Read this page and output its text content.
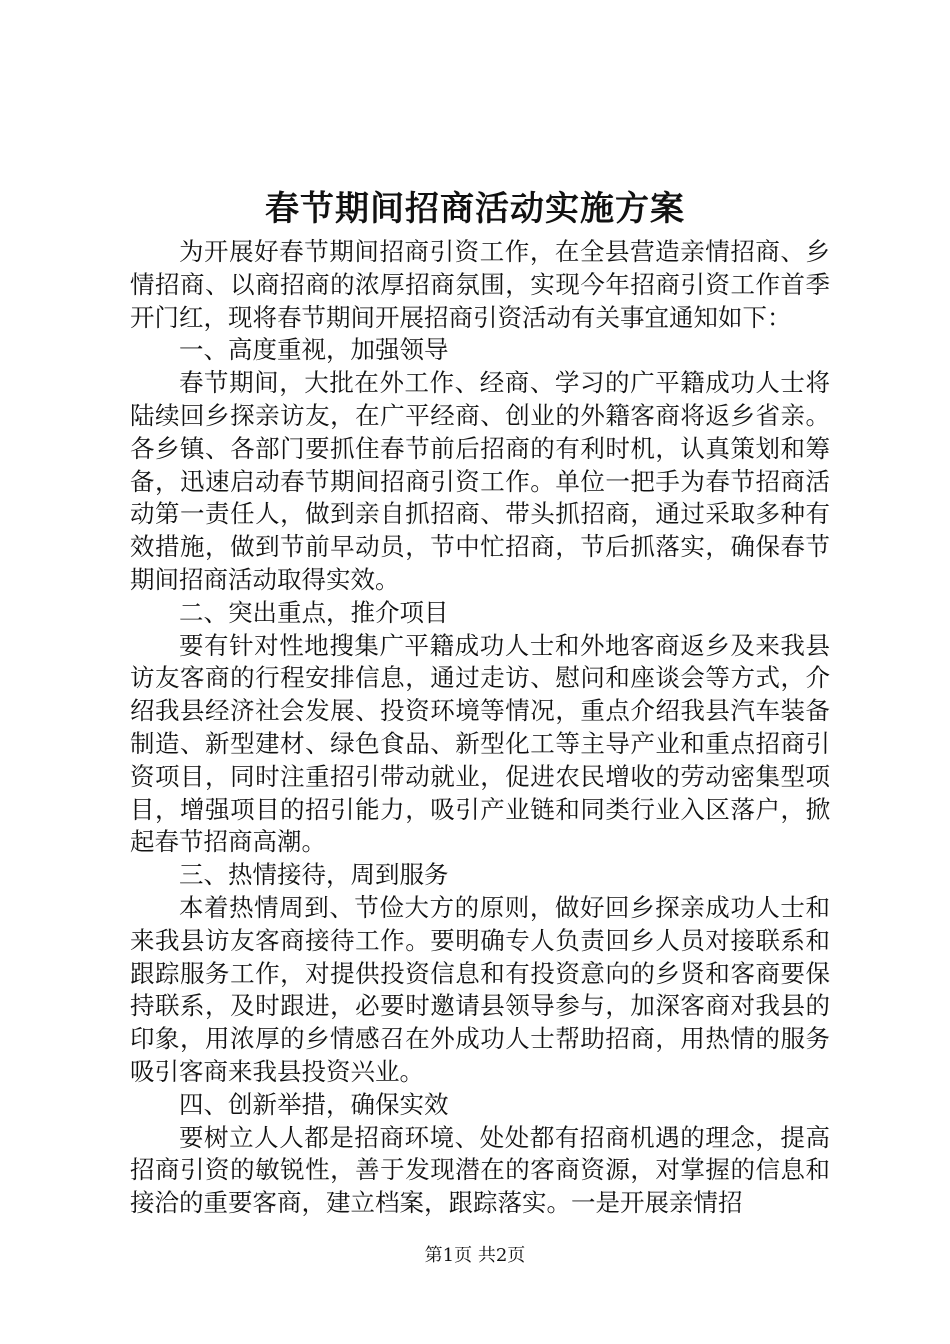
春节期间招商活动实施方案

为开展好春节期间招商引资工作，在全县营造亲情招商、乡情招商、以商招商的浓厚招商氛围，实现今年招商引资工作首季开门红，现将春节期间开展招商引资活动有关事宜通知如下：

一、高度重视，加强领导

春节期间，大批在外工作、经商、学习的广平籍成功人士将陆续回乡探亲访友，在广平经商、创业的外籍客商将返乡省亲。各乡镇、各部门要抓住春节前后招商的有利时机，认真策划和筹备，迅速启动春节期间招商引资工作。单位一把手为春节招商活动第一责任人，做到亲自抓招商、带头抓招商，通过采取多种有效措施，做到节前早动员，节中忙招商，节后抓落实，确保春节期间招商活动取得实效。

二、突出重点，推介项目

要有针对性地搜集广平籍成功人士和外地客商返乡及来我县访友客商的行程安排信息，通过走访、慰问和座谈会等方式，介绍我县经济社会发展、投资环境等情况，重点介绍我县汽车装备制造、新型建材、绿色食品、新型化工等主导产业和重点招商引资项目，同时注重招引带动就业，促进农民增收的劳动密集型项目，增强项目的招引能力，吸引产业链和同类行业入区落户，掀起春节招商高潮。

三、热情接待，周到服务

本着热情周到、节俭大方的原则，做好回乡探亲成功人士和来我县访友客商接待工作。要明确专人负责回乡人员对接联系和跟踪服务工作，对提供投资信息和有投资意向的乡贤和客商要保持联系，及时跟进，必要时邀请县领导参与，加深客商对我县的印象，用浓厚的乡情感召在外成功人士帮助招商，用热情的服务吸引客商来我县投资兴业。

四、创新举措，确保实效

要树立人人都是招商环境、处处都有招商机遇的理念，提高招商引资的敏锐性，善于发现潜在的客商资源，对掌握的信息和接洽的重要客商，建立档案，跟踪落实。一是开展亲情招

第1页 共2页
